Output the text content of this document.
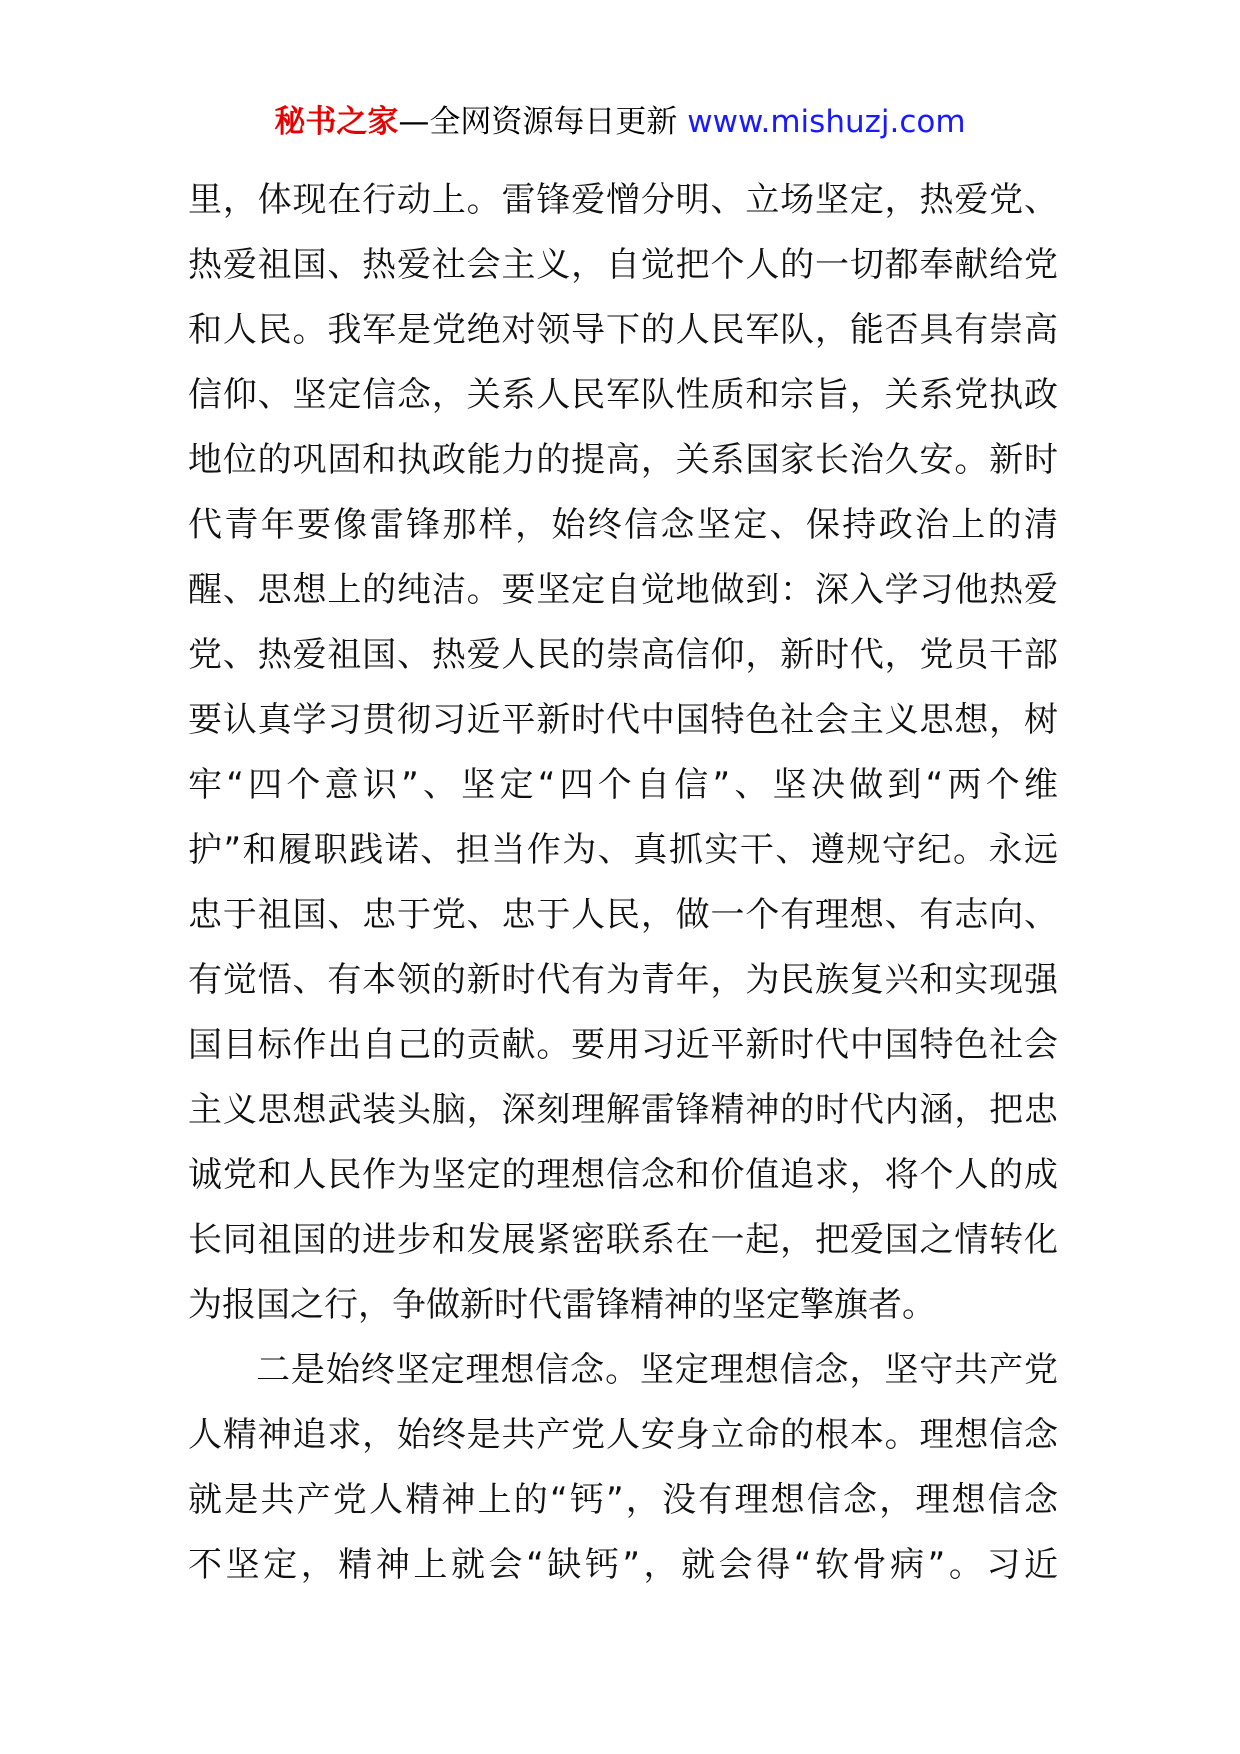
秘书之家—全网资源每日更新 www.mishuzj.com
里，体现在行动上。雷锋爱憎分明、立场坚定，热爱党、
热爱祖国、热爱社会主义，自觉把个人的一切都奉献给党
和人民。我军是党绝对领导下的人民军队，能否具有崇高
信仰、坚定信念，关系人民军队性质和宗旨，关系党执政
地位的巩固和执政能力的提高，关系国家长治久安。新时
代青年要像雷锋那样，始终信念坚定、保持政治上的清
醒、思想上的纯洁。要坚定自觉地做到：深入学习他热爱
党、热爱祖国、热爱人民的崇高信仰，新时代，党员干部
要认真学习贯彻习近平新时代中国特色社会主义思想，树
牢“四个意识”、坚定“四个自信”、坚决做到“两个维
护”和履职践诺、担当作为、真抓实干、遵规守纪。永远
忠于祖国、忠于党、忠于人民，做一个有理想、有志向、
有觉悟、有本领的新时代有为青年，为民族复兴和实现强
国目标作出自己的贡献。要用习近平新时代中国特色社会
主义思想武装头脑，深刻理解雷锋精神的时代内涵，把忠
诚党和人民作为坚定的理想信念和价值追求，将个人的成
长同祖国的进步和发展紧密联系在一起，把爱国之情转化
为报国之行，争做新时代雷锋精神的坚定擎旗者。
二是始终坚定理想信念。坚定理想信念，坚守共产党
人精神追求，始终是共产党人安身立命的根本。理想信念
就是共产党人精神上的“钙”，没有理想信念，理想信念
不坚定，精神上就会“缺钙”，就会得“软骨病”。习近
